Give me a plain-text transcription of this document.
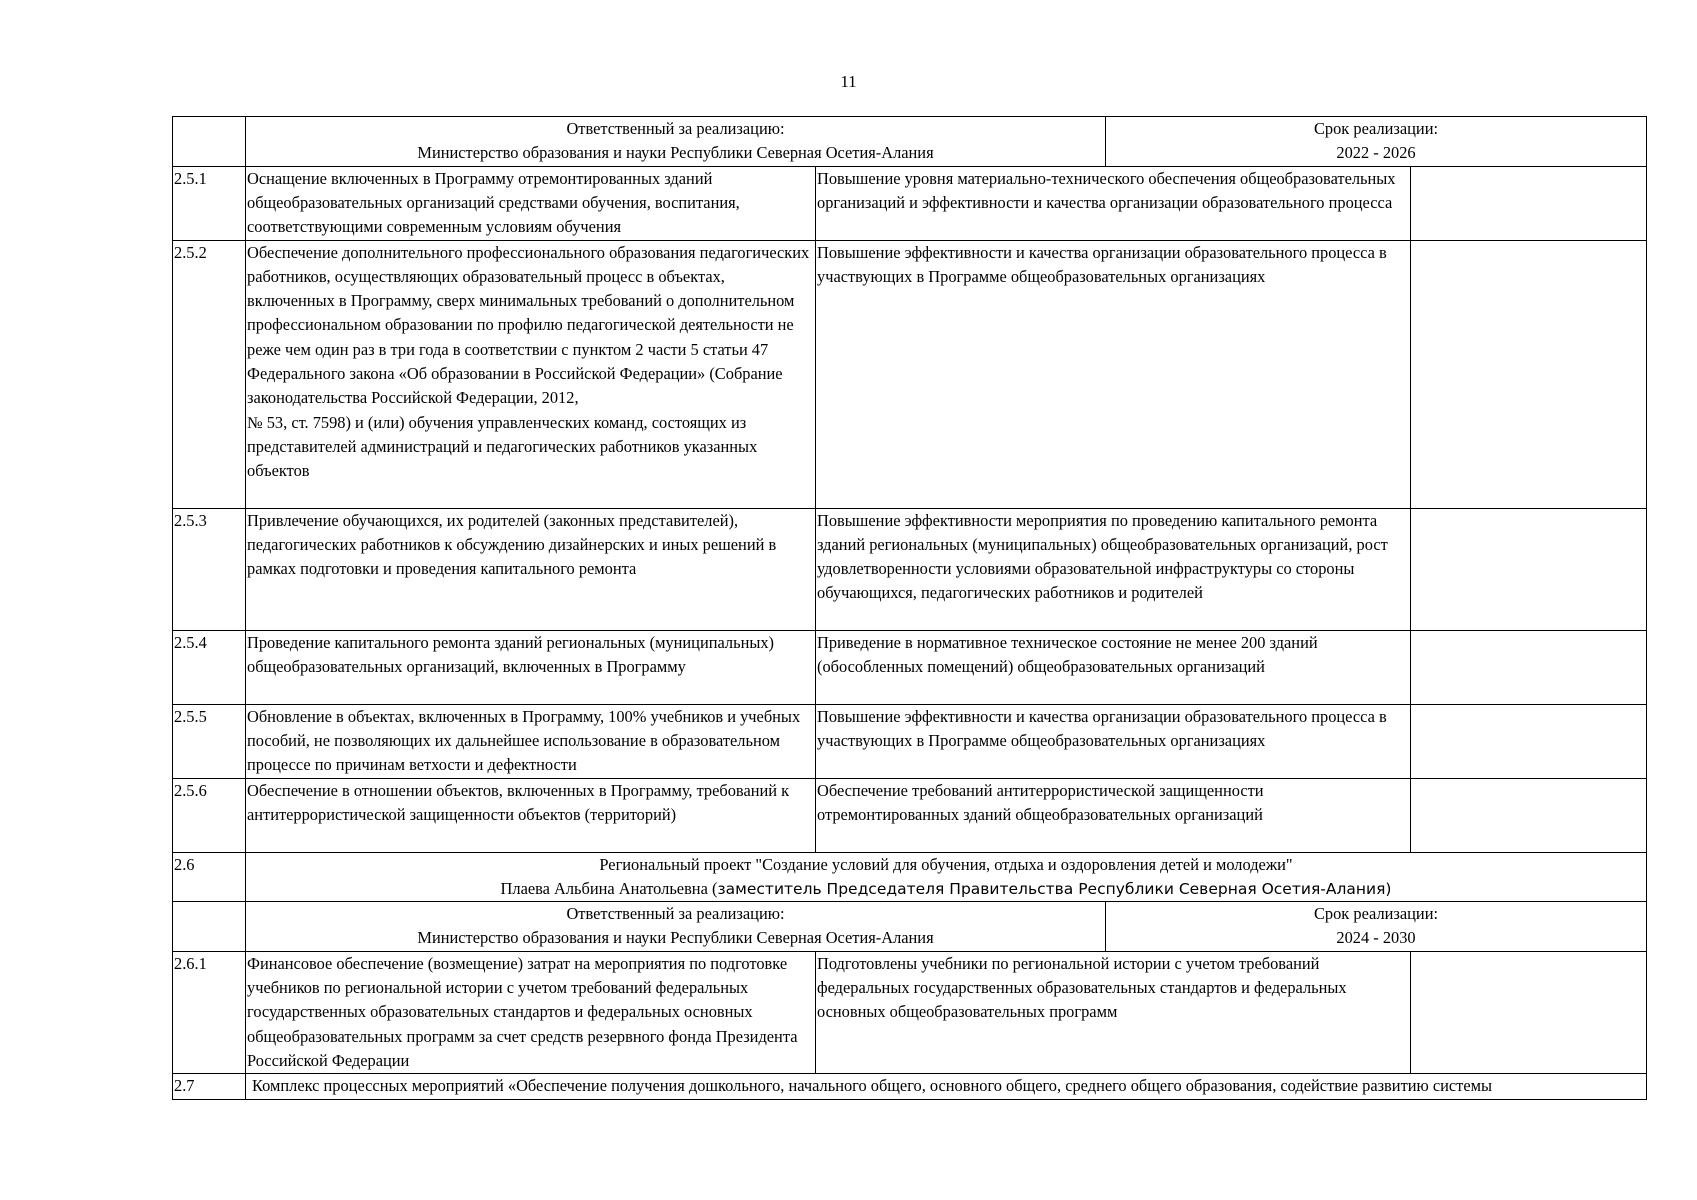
11

	Ответственный за реализацию:
Министерство образования и науки Республики Северная Осетия-Алания		Срок реализации:
2022 - 2026	

2.5.1	Оснащение включенных в Программу отремонтированных зданий общеобразовательных организаций средствами обучения, воспитания, соответствующими современным условиям обучения	Повышение уровня материально-технического обеспечения общеобразовательных организаций и эффективности и качества организации образовательного процесса		
2.5.2	Обеспечение дополнительного профессионального образования педагогических работников, осуществляющих образовательный процесс в объектах, включенных в Программу, сверх минимальных требований о дополнительном профессиональном образовании по профилю педагогической деятельности не реже чем один раз в три года в соответствии с пунктом 2 части 5 статьи 47 Федерального закона «Об образовании в Российской Федерации» (Собрание законодательства Российской Федерации, 2012,
№ 53, ст. 7598) и (или) обучения управленческих команд, состоящих из представителей администраций и педагогических работников указанных объектов	Повышение эффективности и качества организации образовательного процесса в участвующих в Программе общеобразовательных организациях		
2.5.3	Привлечение обучающихся, их родителей (законных представителей), педагогических работников к обсуждению дизайнерских и иных решений в рамках подготовки и проведения капитального ремонта	Повышение эффективности мероприятия по проведению капитального ремонта зданий региональных (муниципальных) общеобразовательных организаций, рост удовлетворенности условиями образовательной инфраструктуры со стороны обучающихся, педагогических работников и родителей		
2.5.4	Проведение капитального ремонта зданий региональных (муниципальных) общеобразовательных организаций, включенных в Программу	Приведение в нормативное техническое состояние не менее 200 зданий (обособленных помещений) общеобразовательных организаций		
2.5.5	Обновление в объектах, включенных в Программу, 100% учебников и учебных пособий, не позволяющих их дальнейшее использование в образовательном процессе по причинам ветхости и дефектности	Повышение эффективности и качества организации образовательного процесса в участвующих в Программе общеобразовательных организациях		
2.5.6	Обеспечение в отношении объектов, включенных в Программу, требований к антитеррористической защищенности объектов (территорий)	Обеспечение требований антитеррористической защищенности отремонтированных зданий общеобразовательных организаций		
2.6	Региональный проект "Создание условий для обучения, отдыха и оздоровления детей и молодежи"
Плаева Альбина Анатольевна (заместитель Председателя Правительства Республики Северная Осетия-Алания)			

	Ответственный за реализацию:
Министерство образования и науки Республики Северная Осетия-Алания		Срок реализации:
2024 - 2030	

2.6.1	Финансовое обеспечение (возмещение) затрат на мероприятия по подготовке учебников по региональной истории с учетом требований федеральных государственных образовательных стандартов и федеральных основных общеобразовательных программ за счет средств резервного фонда Президента Российской Федерации	Подготовлены учебники по региональной истории с учетом требований федеральных государственных образовательных стандартов и федеральных основных общеобразовательных программ		
2.7	Комплекс процессных мероприятий «Обеспечение получения дошкольного, начального общего, основного общего, среднего общего образования, содействие развитию системы			
